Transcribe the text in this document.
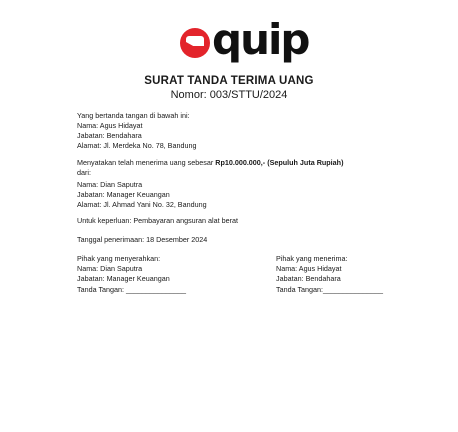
quip
SURAT TANDA TERIMA UANG
Nomor: 003/STTU/2024
Yang bertanda tangan di bawah ini:
Nama: Agus Hidayat
Jabatan: Bendahara
Alamat: Jl. Merdeka No. 78, Bandung
Menyatakan telah menerima uang sebesar Rp10.000.000,- (Sepuluh Juta Rupiah)
dari:
Nama: Dian Saputra
Jabatan: Manager Keuangan
Alamat: Jl. Ahmad Yani No. 32, Bandung
Untuk keperluan: Pembayaran angsuran alat berat
Tanggal penerimaan: 18 Desember 2024
Pihak yang menyerahkan:
Nama: Dian Saputra
Jabatan: Manager Keuangan
Tanda Tangan: _______________
Pihak yang menerima:
Nama: Agus Hidayat
Jabatan: Bendahara
Tanda Tangan:_______________
